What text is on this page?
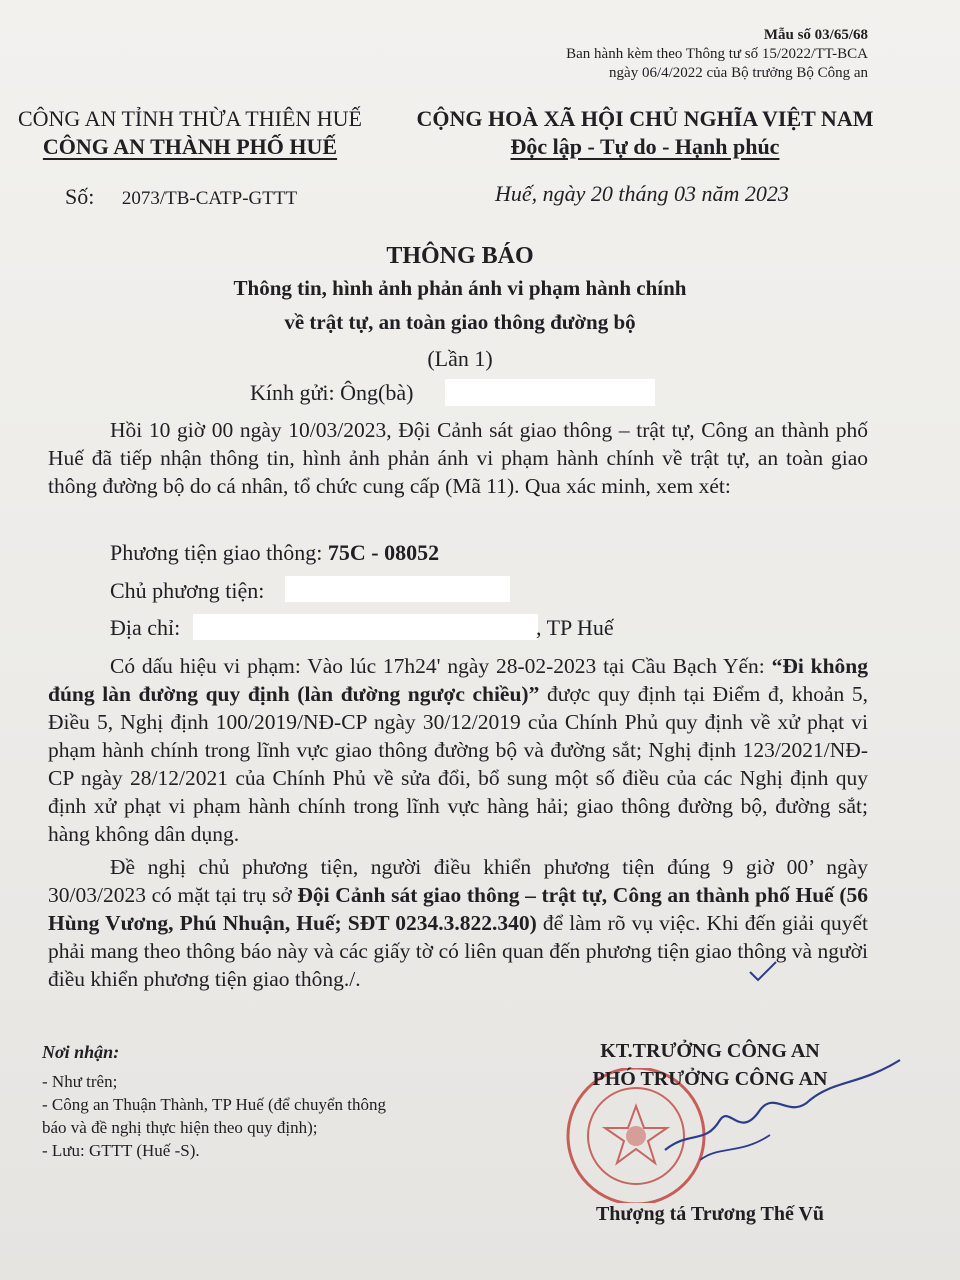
Mẫu số 03/65/68
Ban hành kèm theo Thông tư số 15/2022/TT-BCA
ngày 06/4/2022 của Bộ trưởng Bộ Công an
CÔNG AN TỈNH THỪA THIÊN HUẾ
CÔNG AN THÀNH PHỐ HUẾ
CỘNG HOÀ XÃ HỘI CHỦ NGHĨA VIỆT NAM
Độc lập - Tự do - Hạnh phúc
Số: 2073/TB-CATP-GTTT	Huế, ngày 20 tháng 03 năm 2023
THÔNG BÁO
Thông tin, hình ảnh phản ánh vi phạm hành chính
về trật tự, an toàn giao thông đường bộ
(Lần 1)
Kính gửi: Ông(bà)
Hồi 10 giờ 00 ngày 10/03/2023, Đội Cảnh sát giao thông – trật tự, Công an thành phố Huế đã tiếp nhận thông tin, hình ảnh phản ánh vi phạm hành chính về trật tự, an toàn giao thông đường bộ do cá nhân, tổ chức cung cấp (Mã 11). Qua xác minh, xem xét:
Phương tiện giao thông: 75C - 08052
Chủ phương tiện:
Địa chỉ:	, TP Huế
Có dấu hiệu vi phạm: Vào lúc 17h24' ngày 28-02-2023 tại Cầu Bạch Yến: “Đi không đúng làn đường quy định (làn đường ngược chiều)” được quy định tại Điểm đ, khoản 5, Điều 5, Nghị định 100/2019/NĐ-CP ngày 30/12/2019 của Chính Phủ quy định về xử phạt vi phạm hành chính trong lĩnh vực giao thông đường bộ và đường sắt; Nghị định 123/2021/NĐ-CP ngày 28/12/2021 của Chính Phủ về sửa đổi, bổ sung một số điều của các Nghị định quy định xử phạt vi phạm hành chính trong lĩnh vực hàng hải; giao thông đường bộ, đường sắt; hàng không dân dụng.
Đề nghị chủ phương tiện, người điều khiển phương tiện đúng 9 giờ 00’ ngày 30/03/2023 có mặt tại trụ sở Đội Cảnh sát giao thông – trật tự, Công an thành phố Huế (56 Hùng Vương, Phú Nhuận, Huế; SĐT 0234.3.822.340) để làm rõ vụ việc. Khi đến giải quyết phải mang theo thông báo này và các giấy tờ có liên quan đến phương tiện giao thông và người điều khiển phương tiện giao thông./.
Nơi nhận:
- Như trên;
- Công an Thuận Thành, TP Huế (để chuyển thông
báo và đề nghị thực hiện theo quy định);
- Lưu: GTTT (Huế -S).
KT.TRƯỞNG CÔNG AN
PHÓ TRƯỞNG CÔNG AN
Thượng tá Trương Thế Vũ
